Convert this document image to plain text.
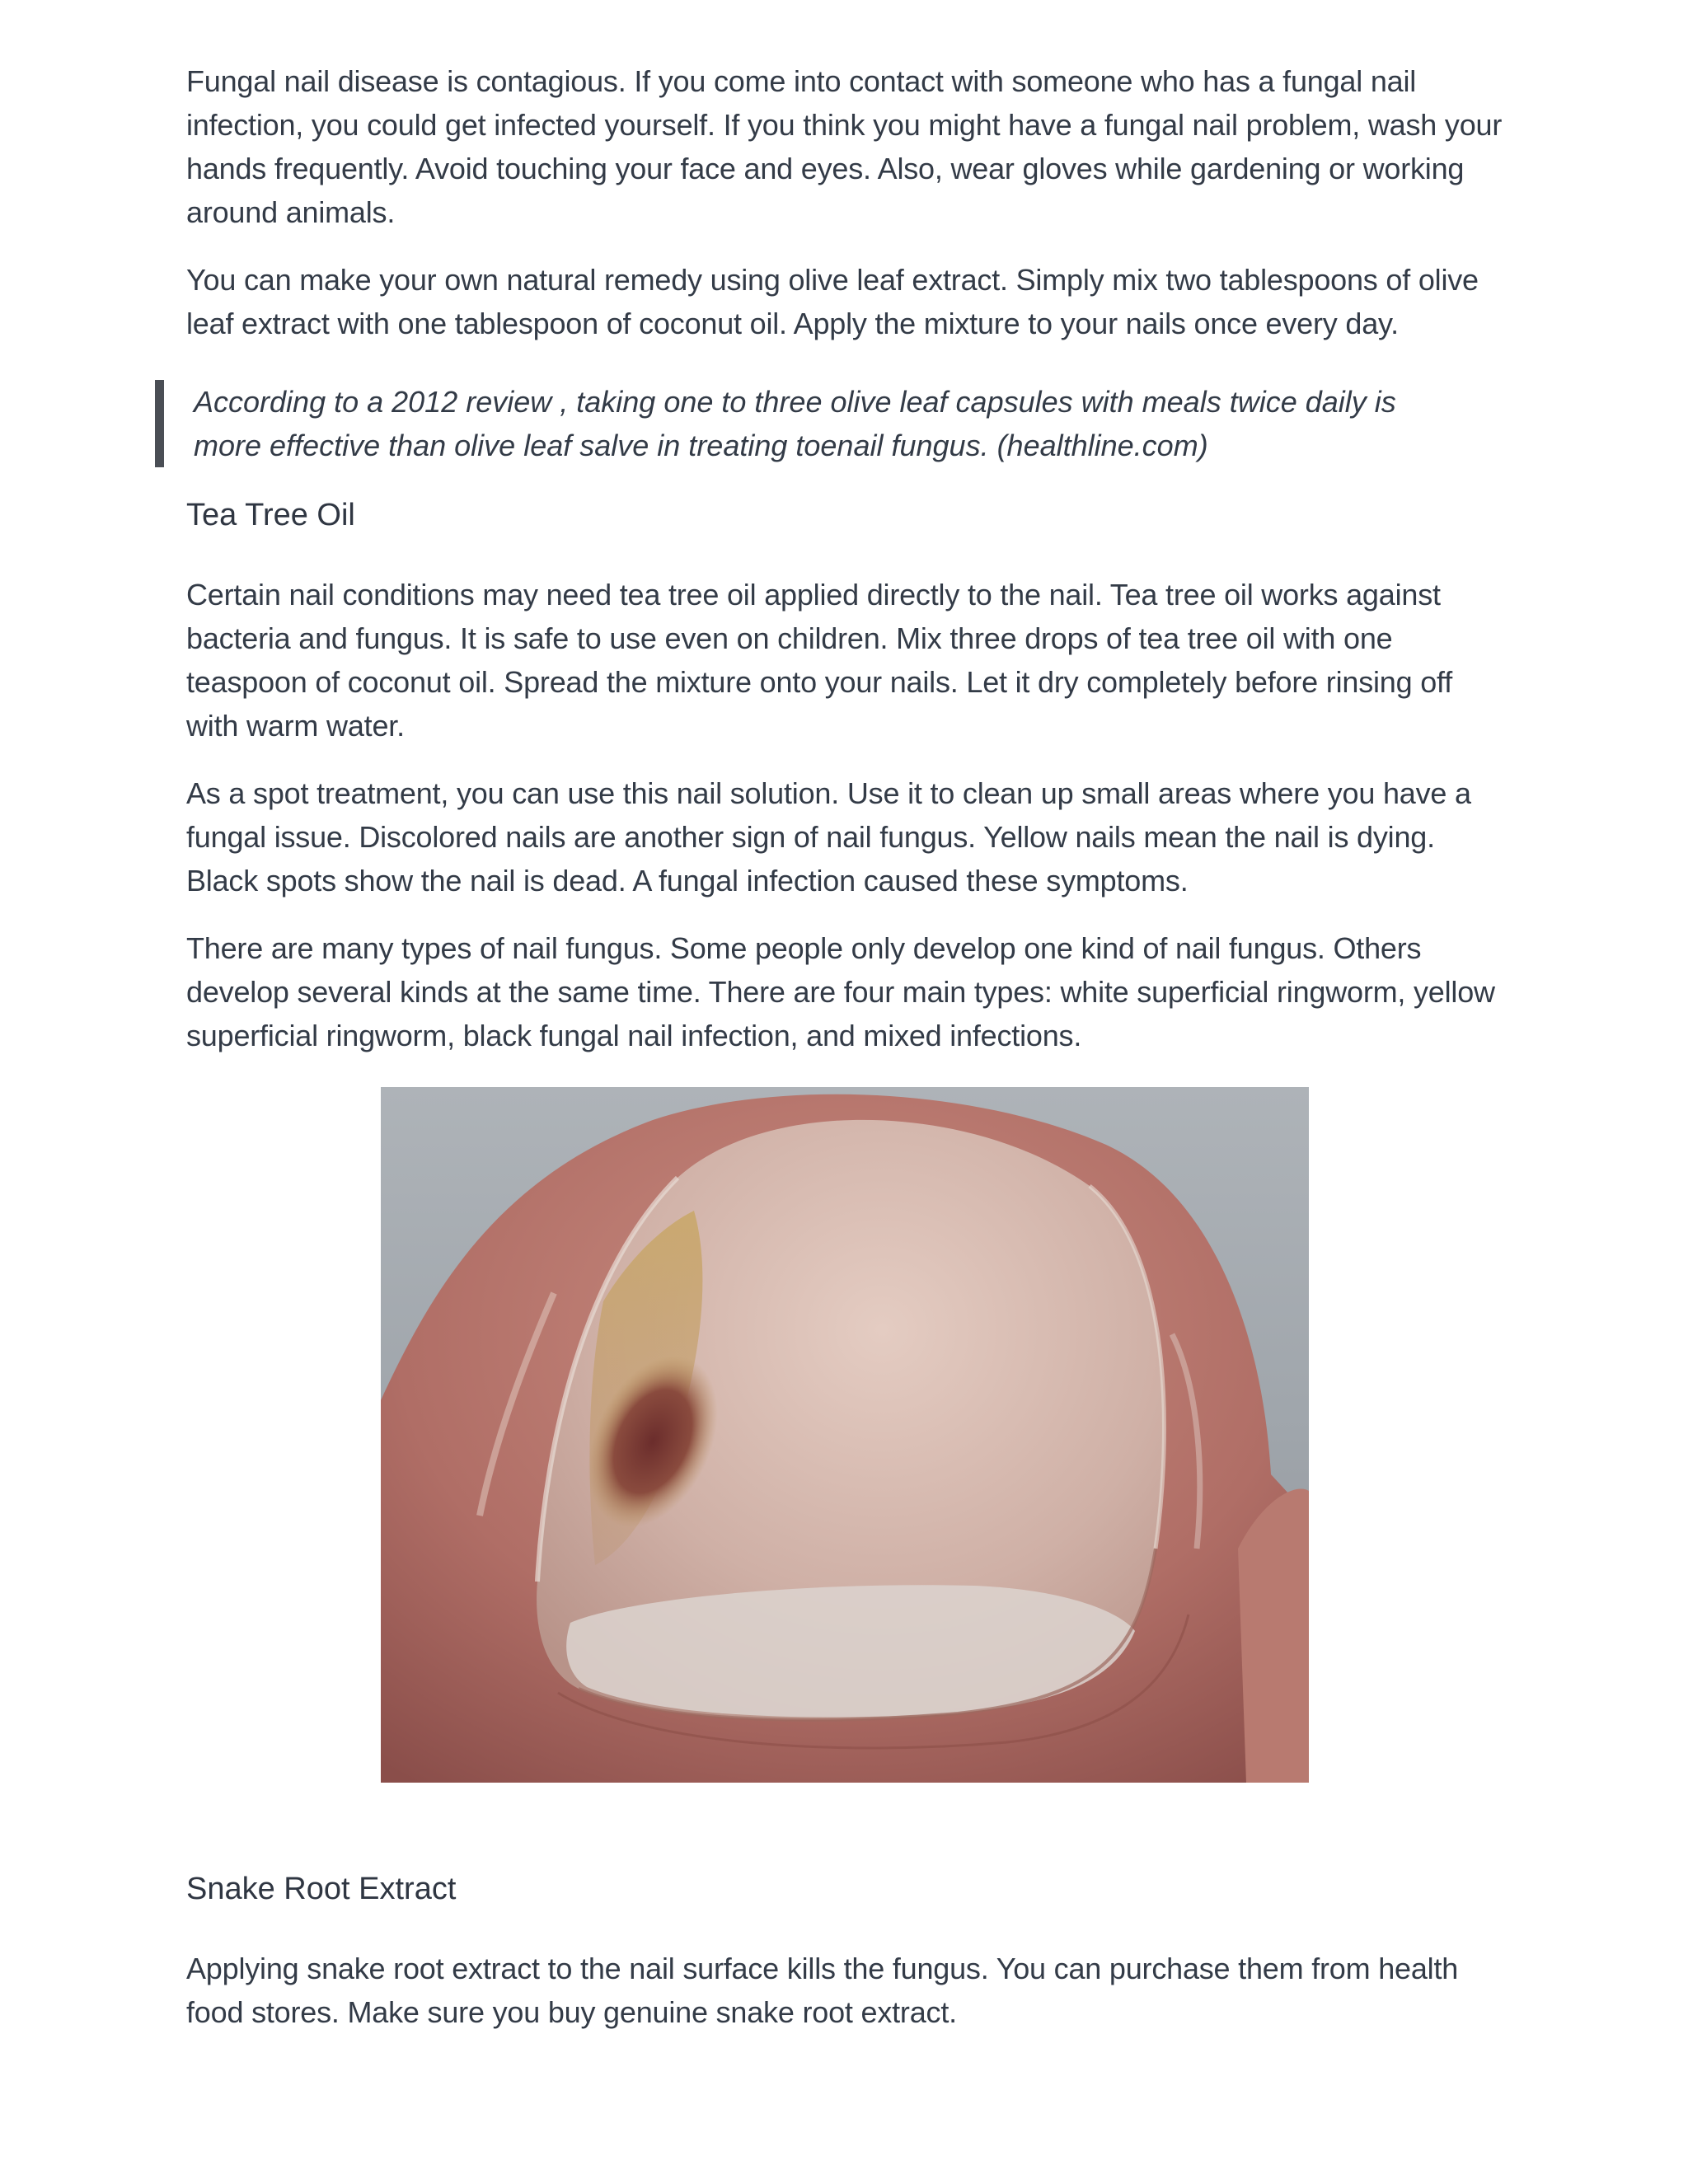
Fungal nail disease is contagious. If you come into contact with someone who has a fungal nail infection, you could get infected yourself. If you think you might have a fungal nail problem, wash your hands frequently. Avoid touching your face and eyes. Also, wear gloves while gardening or working around animals.

You can make your own natural remedy using olive leaf extract. Simply mix two tablespoons of olive leaf extract with one tablespoon of coconut oil. Apply the mixture to your nails once every day.

According to a 2012 review , taking one to three olive leaf capsules with meals twice daily is
more effective than olive leaf salve in treating toenail fungus. (healthline.com)
Tea Tree Oil

Certain nail conditions may need tea tree oil applied directly to the nail. Tea tree oil works against bacteria and fungus. It is safe to use even on children. Mix three drops of tea tree oil with one teaspoon of coconut oil. Spread the mixture onto your nails. Let it dry completely before rinsing off with warm water.

As a spot treatment, you can use this nail solution. Use it to clean up small areas where you have a fungal issue. Discolored nails are another sign of nail fungus. Yellow nails mean the nail is dying. Black spots show the nail is dead. A fungal infection caused these symptoms.

There are many types of nail fungus. Some people only develop one kind of nail fungus. Others develop several kinds at the same time. There are four main types: white superficial ringworm, yellow superficial ringworm, black fungal nail infection, and mixed infections.

Snake Root Extract

Applying snake root extract to the nail surface kills the fungus. You can purchase them from health food stores. Make sure you buy genuine snake root extract.
